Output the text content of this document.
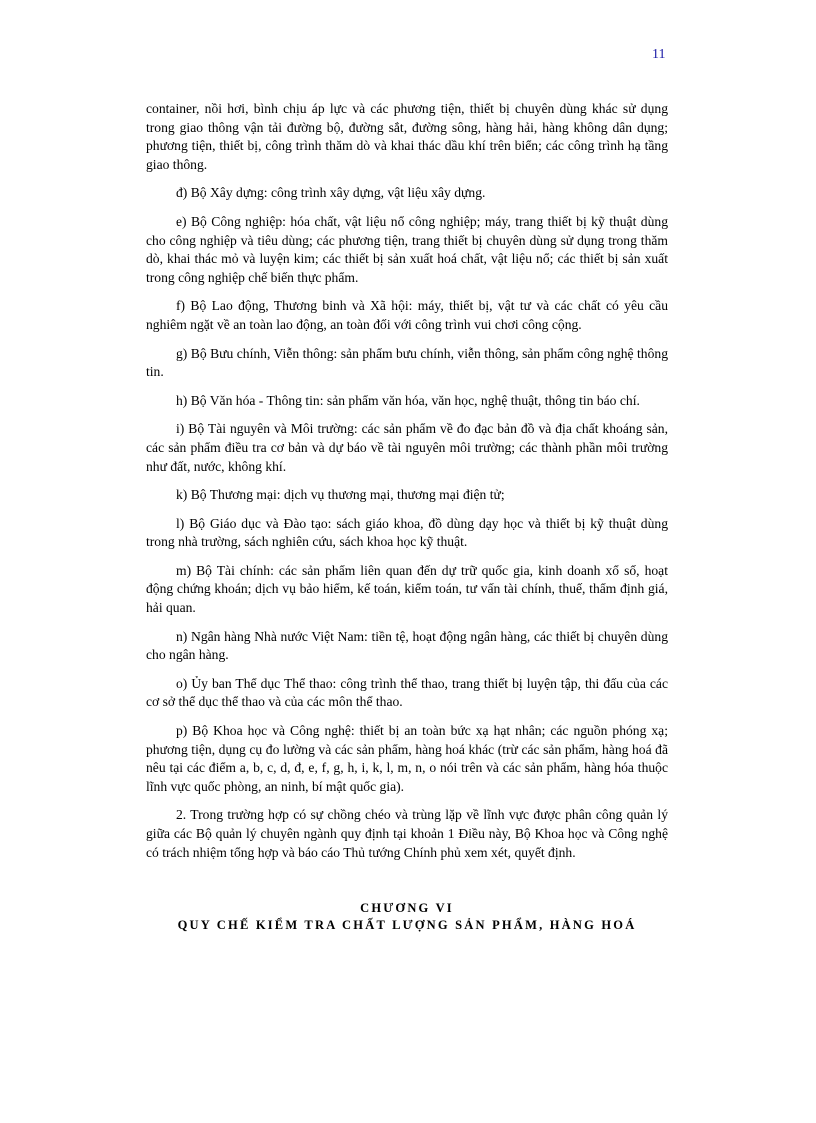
11

container, nồi hơi, bình chịu áp lực và các phương tiện, thiết bị chuyên dùng khác sử dụng trong giao thông vận tải đường bộ, đường sắt, đường sông, hàng hải, hàng không dân dụng; phương tiện, thiết bị, công trình thăm dò và khai thác dầu khí trên biển; các công trình hạ tầng giao thông.

đ) Bộ Xây dựng: công trình xây dựng, vật liệu xây dựng.

e) Bộ Công nghiệp: hóa chất, vật liệu nổ công nghiệp; máy, trang thiết bị kỹ thuật dùng cho công nghiệp và tiêu dùng; các phương tiện, trang thiết bị chuyên dùng sử dụng trong thăm dò, khai thác mỏ và luyện kim; các thiết bị sản xuất hoá chất, vật liệu nổ; các thiết bị sản xuất trong công nghiệp chế biến thực phẩm.

f) Bộ Lao động, Thương binh và Xã hội: máy, thiết bị, vật tư và các chất có yêu cầu nghiêm ngặt về an toàn lao động, an toàn đối với công trình vui chơi công cộng.

g) Bộ Bưu chính, Viễn thông: sản phẩm bưu chính, viễn thông, sản phẩm công nghệ thông tin.

h) Bộ Văn hóa - Thông tin: sản phẩm văn hóa, văn học, nghệ thuật, thông tin báo chí.

i) Bộ Tài nguyên và Môi trường: các sản phẩm về đo đạc bản đồ và địa chất khoáng sản, các sản phẩm điều tra cơ bản và dự báo về tài nguyên môi trường; các thành phần môi trường như đất, nước, không khí.

k) Bộ Thương mại: dịch vụ thương mại, thương mại điện tử;

l) Bộ Giáo dục và Đào tạo: sách giáo khoa, đồ dùng dạy học và thiết bị kỹ thuật dùng trong nhà trường, sách nghiên cứu, sách khoa học kỹ thuật.

m) Bộ Tài chính: các sản phẩm liên quan đến dự trữ quốc gia, kinh doanh xổ số, hoạt động chứng khoán; dịch vụ bảo hiểm, kế toán, kiểm toán, tư vấn tài chính, thuế, thẩm định giá, hải quan.

n) Ngân hàng Nhà nước Việt Nam: tiền tệ, hoạt động ngân hàng, các thiết bị chuyên dùng cho ngân hàng.

o) Ủy ban Thể dục Thể thao: công trình thể thao, trang thiết bị luyện tập, thi đấu của các cơ sở thể dục thể thao và của các môn thể thao.

p) Bộ Khoa học và Công nghệ: thiết bị an toàn bức xạ hạt nhân; các nguồn phóng xạ; phương tiện, dụng cụ đo lường và các sản phẩm, hàng hoá khác (trừ các sản phẩm, hàng hoá đã nêu tại các điểm a, b, c, d, đ, e, f, g, h, i, k, l, m, n, o nói trên và các sản phẩm, hàng hóa thuộc lĩnh vực quốc phòng, an ninh, bí mật quốc gia).

2. Trong trường hợp có sự chồng chéo và trùng lặp về lĩnh vực được phân công quản lý giữa các Bộ quản lý chuyên ngành quy định tại khoản 1 Điều này, Bộ Khoa học và Công nghệ có trách nhiệm tổng hợp và báo cáo Thủ tướng Chính phủ xem xét, quyết định.

CHƯƠNG VI
QUY CHẾ KIỂM TRA CHẤT LƯỢNG SẢN PHẨM, HÀNG HOÁ
